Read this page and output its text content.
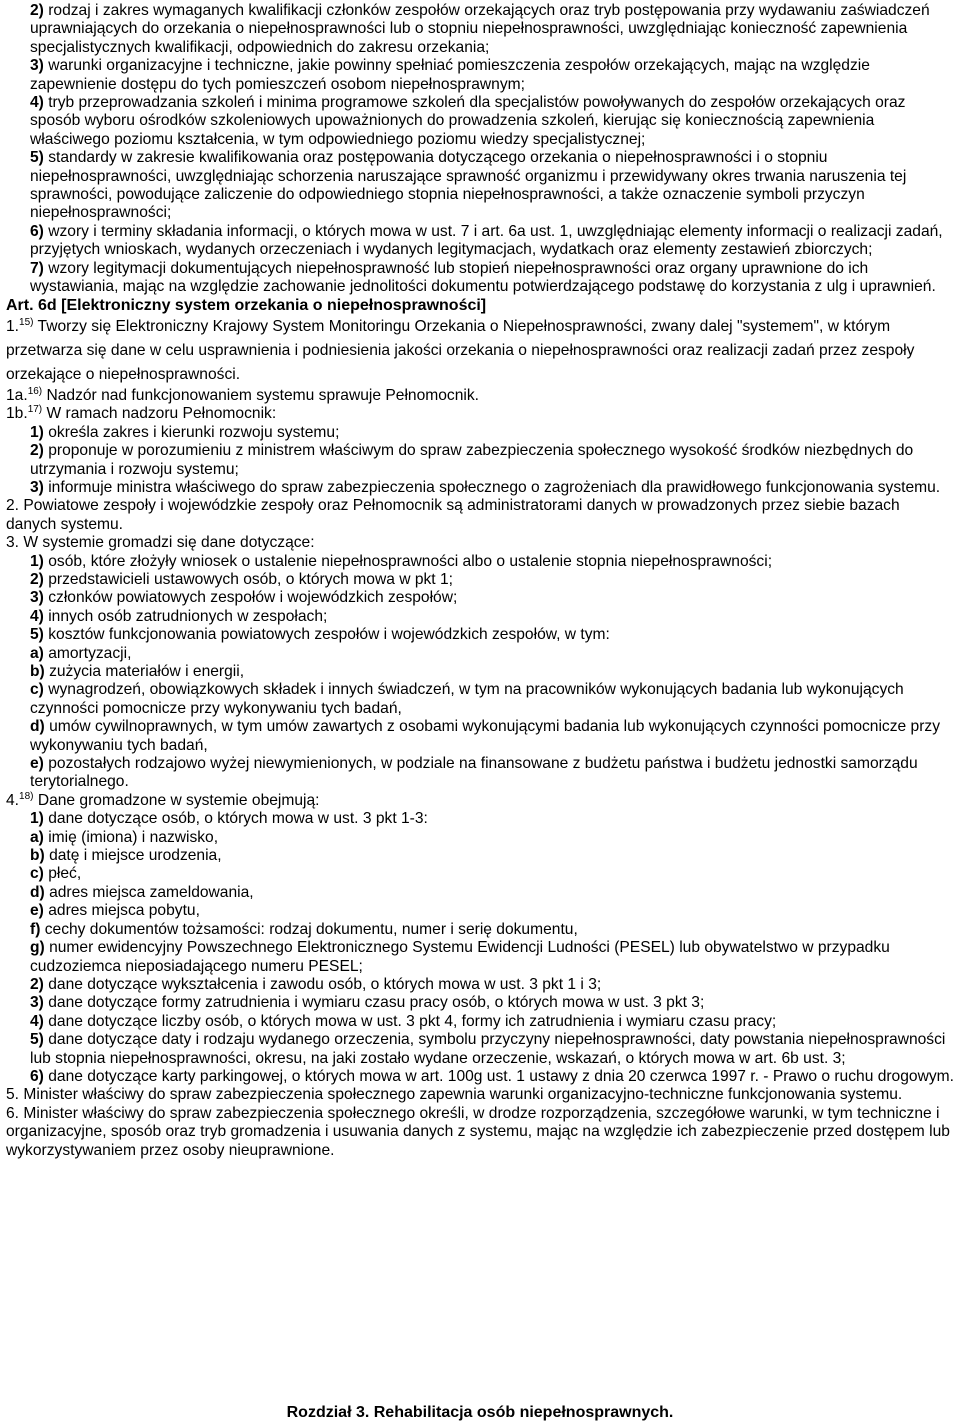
2) rodzaj i zakres wymaganych kwalifikacji członków zespołów orzekających oraz tryb postępowania przy wydawaniu zaświadczeń uprawniających do orzekania o niepełnosprawności lub o stopniu niepełnosprawności, uwzględniając konieczność zapewnienia specjalistycznych kwalifikacji, odpowiednich do zakresu orzekania;

3) warunki organizacyjne i techniczne, jakie powinny spełniać pomieszczenia zespołów orzekających, mając na względzie zapewnienie dostępu do tych pomieszczeń osobom niepełnosprawnym;

4) tryb przeprowadzania szkoleń i minima programowe szkoleń dla specjalistów powoływanych do zespołów orzekających oraz sposób wyboru ośrodków szkoleniowych upoważnionych do prowadzenia szkoleń, kierując się koniecznością zapewnienia właściwego poziomu kształcenia, w tym odpowiedniego poziomu wiedzy specjalistycznej;

5) standardy w zakresie kwalifikowania oraz postępowania dotyczącego orzekania o niepełnosprawności i o stopniu niepełnosprawności, uwzględniając schorzenia naruszające sprawność organizmu i przewidywany okres trwania naruszenia tej sprawności, powodujące zaliczenie do odpowiedniego stopnia niepełnosprawności, a także oznaczenie symboli przyczyn niepełnosprawności;

6) wzory i terminy składania informacji, o których mowa w ust. 7 i art. 6a ust. 1, uwzględniając elementy informacji o realizacji zadań, przyjętych wnioskach, wydanych orzeczeniach i wydanych legitymacjach, wydatkach oraz elementy zestawień zbiorczych;

7) wzory legitymacji dokumentujących niepełnosprawność lub stopień niepełnosprawności oraz organy uprawnione do ich wystawiania, mając na względzie zachowanie jednolitości dokumentu potwierdzającego podstawę do korzystania z ulg i uprawnień.

Art. 6d [Elektroniczny system orzekania o niepełnosprawności]

1.$^{15)}$ Tworzy się Elektroniczny Krajowy System Monitoringu Orzekania o Niepełnosprawności, zwany dalej "systemem", w którym przetwarza się dane w celu usprawnienia i podniesienia jakości orzekania o niepełnosprawności oraz realizacji zadań przez zespoły orzekające o niepełnosprawności.

1a.$^{16)}$ Nadzór nad funkcjonowaniem systemu sprawuje Pełnomocnik.

1b.$^{17)}$ W ramach nadzoru Pełnomocnik:

1) określa zakres i kierunki rozwoju systemu;

2) proponuje w porozumieniu z ministrem właściwym do spraw zabezpieczenia społecznego wysokość środków niezbędnych do utrzymania i rozwoju systemu;

3) informuje ministra właściwego do spraw zabezpieczenia społecznego o zagrożeniach dla prawidłowego funkcjonowania systemu.

2. Powiatowe zespoły i wojewódzkie zespoły oraz Pełnomocnik są administratorami danych w prowadzonych przez siebie bazach danych systemu.

3. W systemie gromadzi się dane dotyczące:

1) osób, które złożyły wniosek o ustalenie niepełnosprawności albo o ustalenie stopnia niepełnosprawności;

2) przedstawicieli ustawowych osób, o których mowa w pkt 1;

3) członków powiatowych zespołów i wojewódzkich zespołów;

4) innych osób zatrudnionych w zespołach;

5) kosztów funkcjonowania powiatowych zespołów i wojewódzkich zespołów, w tym:

a) amortyzacji,

b) zużycia materiałów i energii,

c) wynagrodzeń, obowiązkowych składek i innych świadczeń, w tym na pracowników wykonujących badania lub wykonujących czynności pomocnicze przy wykonywaniu tych badań,

d) umów cywilnoprawnych, w tym umów zawartych z osobami wykonującymi badania lub wykonujących czynności pomocnicze przy wykonywaniu tych badań,

e) pozostałych rodzajowo wyżej niewymienionych, w podziale na finansowane z budżetu państwa i budżetu jednostki samorządu terytorialnego.

4.$^{18)}$ Dane gromadzone w systemie obejmują:

1) dane dotyczące osób, o których mowa w ust. 3 pkt 1-3:

a) imię (imiona) i nazwisko,

b) datę i miejsce urodzenia,

c) płeć,

d) adres miejsca zameldowania,

e) adres miejsca pobytu,

f) cechy dokumentów tożsamości: rodzaj dokumentu, numer i serię dokumentu,

g) numer ewidencyjny Powszechnego Elektronicznego Systemu Ewidencji Ludności (PESEL) lub obywatelstwo w przypadku cudzoziemca nieposiadającego numeru PESEL;

2) dane dotyczące wykształcenia i zawodu osób, o których mowa w ust. 3 pkt 1 i 3;

3) dane dotyczące formy zatrudnienia i wymiaru czasu pracy osób, o których mowa w ust. 3 pkt 3;

4) dane dotyczące liczby osób, o których mowa w ust. 3 pkt 4, formy ich zatrudnienia i wymiaru czasu pracy;

5) dane dotyczące daty i rodzaju wydanego orzeczenia, symbolu przyczyny niepełnosprawności, daty powstania niepełnosprawności lub stopnia niepełnosprawności, okresu, na jaki zostało wydane orzeczenie, wskazań, o których mowa w art. 6b ust. 3;

6) dane dotyczące karty parkingowej, o których mowa w art. 100g ust. 1 ustawy z dnia 20 czerwca 1997 r. - Prawo o ruchu drogowym.

5. Minister właściwy do spraw zabezpieczenia społecznego zapewnia warunki organizacyjno-techniczne funkcjonowania systemu.

6. Minister właściwy do spraw zabezpieczenia społecznego określi, w drodze rozporządzenia, szczegółowe warunki, w tym techniczne i organizacyjne, sposób oraz tryb gromadzenia i usuwania danych z systemu, mając na względzie ich zabezpieczenie przed dostępem lub wykorzystywaniem przez osoby nieuprawnione.

Rozdział 3. Rehabilitacja osób niepełnosprawnych.
